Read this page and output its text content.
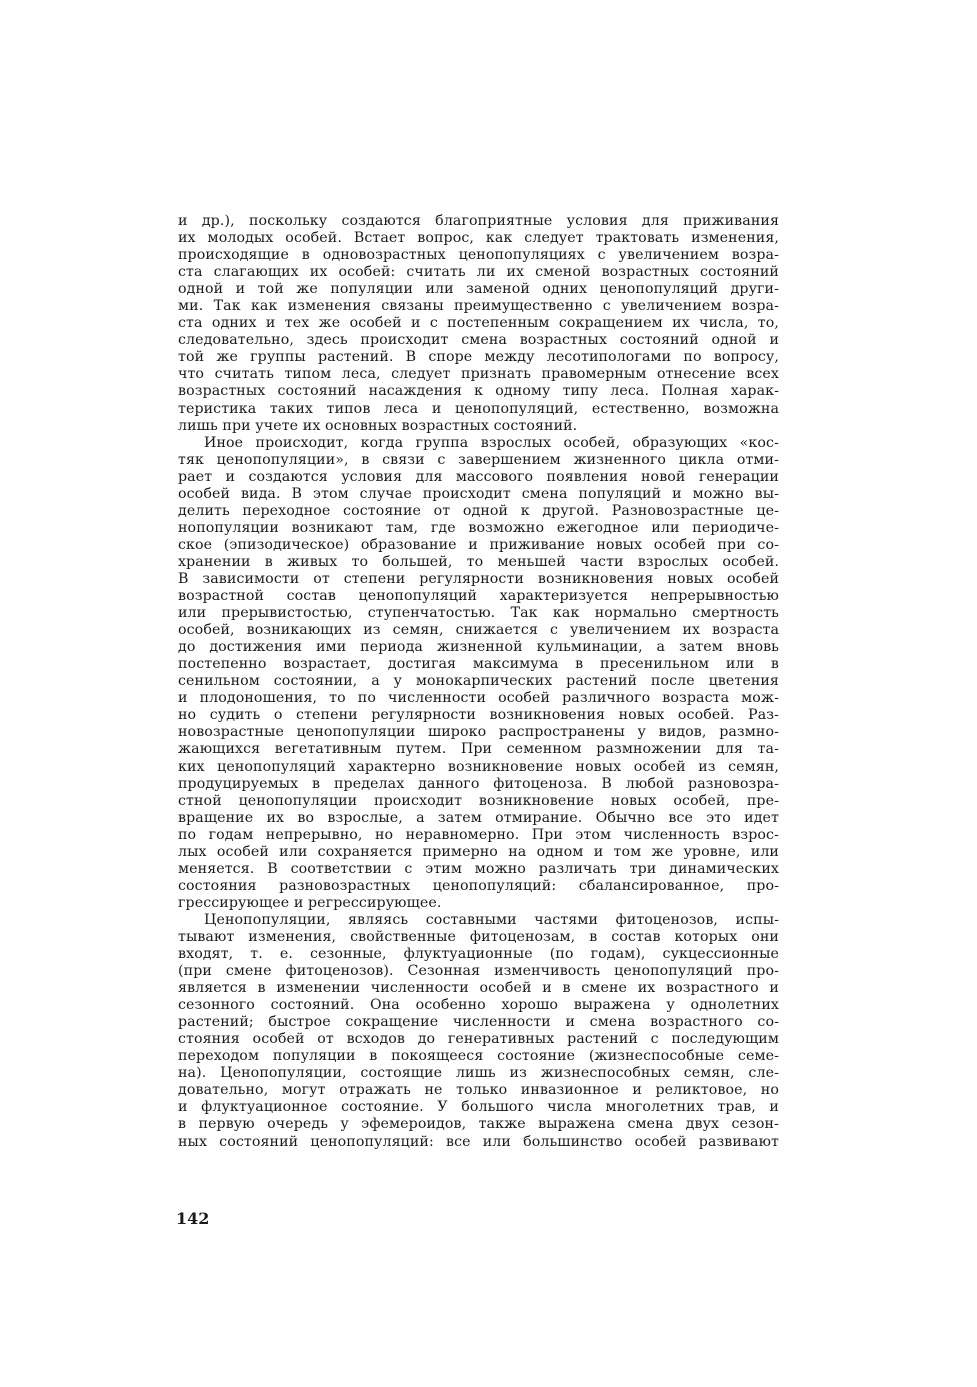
и др.), поскольку создаются благоприятные условия для приживания
их молодых особей. Встает вопрос, как следует трактовать изменения,
происходящие в одновозрастных ценопопуляциях с увеличением возра-
ста слагающих их особей: считать ли их сменой возрастных состояний
одной и той же популяции или заменой одних ценопопуляций други-
ми. Так как изменения связаны преимущественно с увеличением возра-
ста одних и тех же особей и с постепенным сокращением их числа, то,
следовательно, здесь происходит смена возрастных состояний одной и
той же группы растений. В споре между лесотипологами по вопросу,
что считать типом леса, следует признать правомерным отнесение всех
возрастных состояний насаждения к одному типу леса. Полная харак-
теристика таких типов леса и ценопопуляций, естественно, возможна
лишь при учете их основных возрастных состояний.
Иное происходит, когда группа взрослых особей, образующих «кос-
тяк ценопопуляции», в связи с завершением жизненного цикла отми-
рает и создаются условия для массового появления новой генерации
особей вида. В этом случае происходит смена популяций и можно вы-
делить переходное состояние от одной к другой. Разновозрастные це-
нопопуляции возникают там, где возможно ежегодное или периодиче-
ское (эпизодическое) образование и приживание новых особей при со-
хранении в живых то большей, то меньшей части взрослых особей.
В зависимости от степени регулярности возникновения новых особей
возрастной состав ценопопуляций характеризуется непрерывностью
или прерывистостью, ступенчатостью. Так как нормально смертность
особей, возникающих из семян, снижается с увеличением их возраста
до достижения ими периода жизненной кульминации, а затем вновь
постепенно возрастает, достигая максимума в пресенильном или в
сенильном состоянии, а у монокарпических растений после цветения
и плодоношения, то по численности особей различного возраста мож-
но судить о степени регулярности возникновения новых особей. Раз-
новозрастные ценопопуляции широко распространены у видов, размно-
жающихся вегетативным путем. При семенном размножении для та-
ких ценопопуляций характерно возникновение новых особей из семян,
продуцируемых в пределах данного фитоценоза. В любой разновозра-
стной ценопопуляции происходит возникновение новых особей, пре-
вращение их во взрослые, а затем отмирание. Обычно все это идет
по годам непрерывно, но неравномерно. При этом численность взрос-
лых особей или сохраняется примерно на одном и том же уровне, или
меняется. В соответствии с этим можно различать три динамических
состояния разновозрастных ценопопуляций: сбалансированное, про-
грессирующее и регрессирующее.
Ценопопуляции, являясь составными частями фитоценозов, испы-
тывают изменения, свойственные фитоценозам, в состав которых они
входят, т. е. сезонные, флуктуационные (по годам), сукцессионные
(при смене фитоценозов). Сезонная изменчивость ценопопуляций про-
является в изменении численности особей и в смене их возрастного и
сезонного состояний. Она особенно хорошо выражена у однолетних
растений; быстрое сокращение численности и смена возрастного со-
стояния особей от всходов до генеративных растений с последующим
переходом популяции в покоящееся состояние (жизнеспособные семе-
на). Ценопопуляции, состоящие лишь из жизнеспособных семян, сле-
довательно, могут отражать не только инвазионное и реликтовое, но
и флуктуационное состояние. У большого числа многолетних трав, и
в первую очередь у эфемероидов, также выражена смена двух сезон-
ных состояний ценопопуляций: все или большинство особей развивают
142
